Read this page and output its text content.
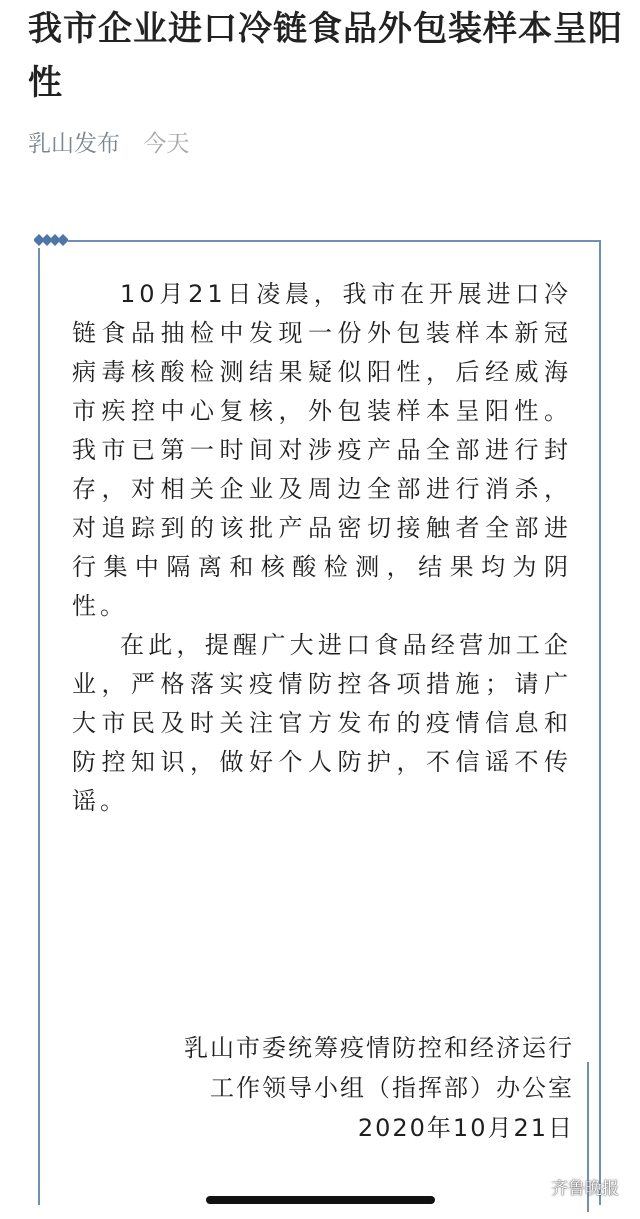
我市企业进口冷链食品外包装样本呈阳性
乳山发布 今天

10月21日凌晨，我市在开展进口冷链食品抽检中发现一份外包装样本新冠病毒核酸检测结果疑似阳性，后经威海市疾控中心复核，外包装样本呈阳性。我市已第一时间对涉疫产品全部进行封存，对相关企业及周边全部进行消杀，对追踪到的该批产品密切接触者全部进行集中隔离和核酸检测，结果均为阴性。

在此，提醒广大进口食品经营加工企业，严格落实疫情防控各项措施；请广大市民及时关注官方发布的疫情信息和防控知识，做好个人防护，不信谣不传谣。

乳山市委统筹疫情防控和经济运行
工作领导小组（指挥部）办公室
2020年10月21日
齐鲁晚报
